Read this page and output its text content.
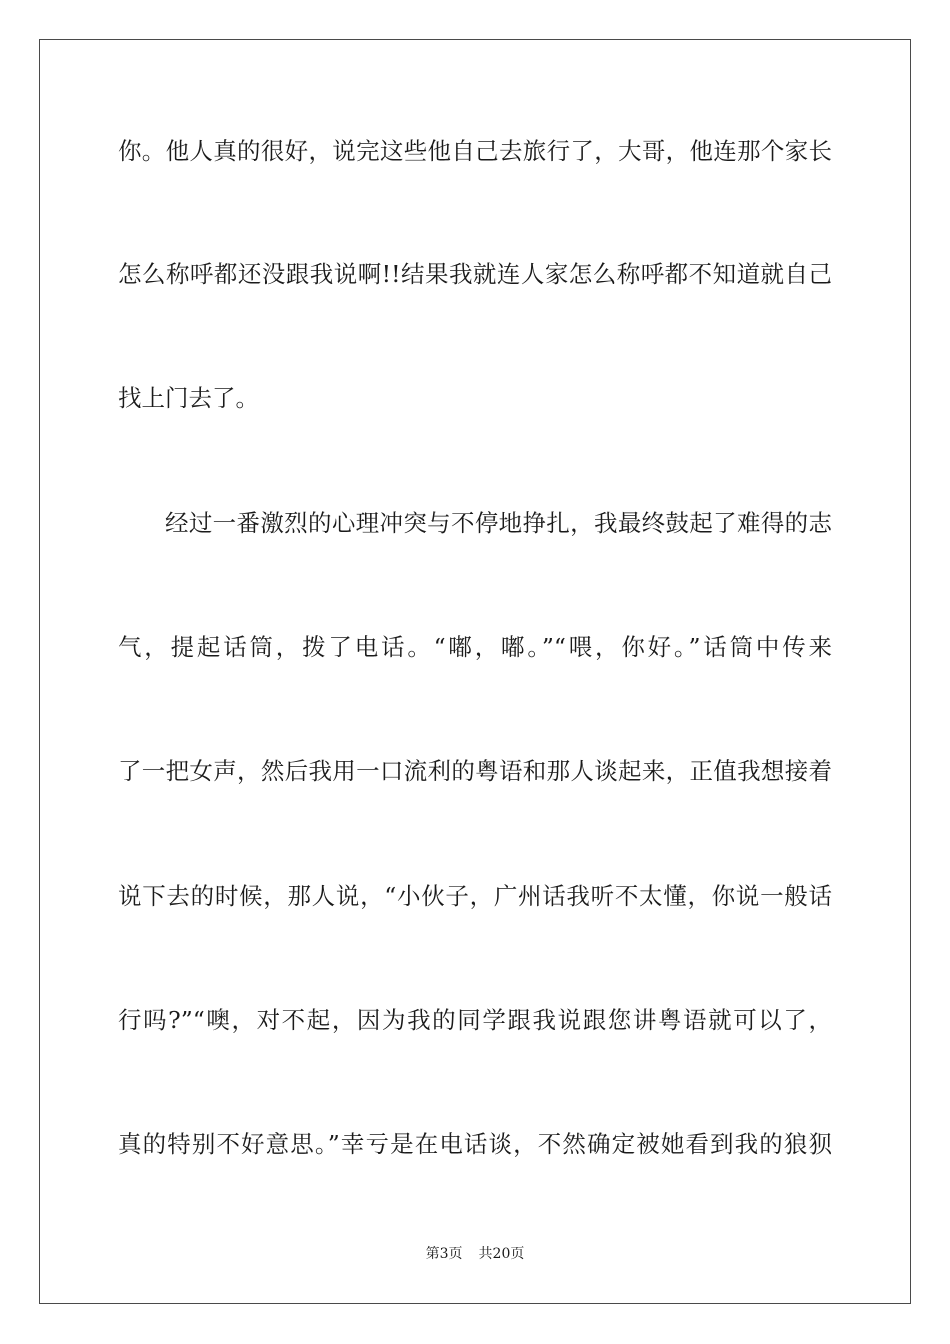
你。他人真的很好，说完这些他自己去旅行了，大哥，他连那个家长
怎么称呼都还没跟我说啊!!结果我就连人家怎么称呼都不知道就自己
找上门去了。
经过一番激烈的心理冲突与不停地挣扎，我最终鼓起了难得的志
气，提起话筒，拨了电话。“嘟，嘟。”“喂，你好。”话筒中传来
了一把女声，然后我用一口流利的粤语和那人谈起来，正值我想接着
说下去的时候，那人说，“小伙子，广州话我听不太懂，你说一般话
行吗?”“噢，对不起，因为我的同学跟我说跟您讲粤语就可以了，
真的特别不好意思。”幸亏是在电话谈，不然确定被她看到我的狼狈
第3页 共20页
